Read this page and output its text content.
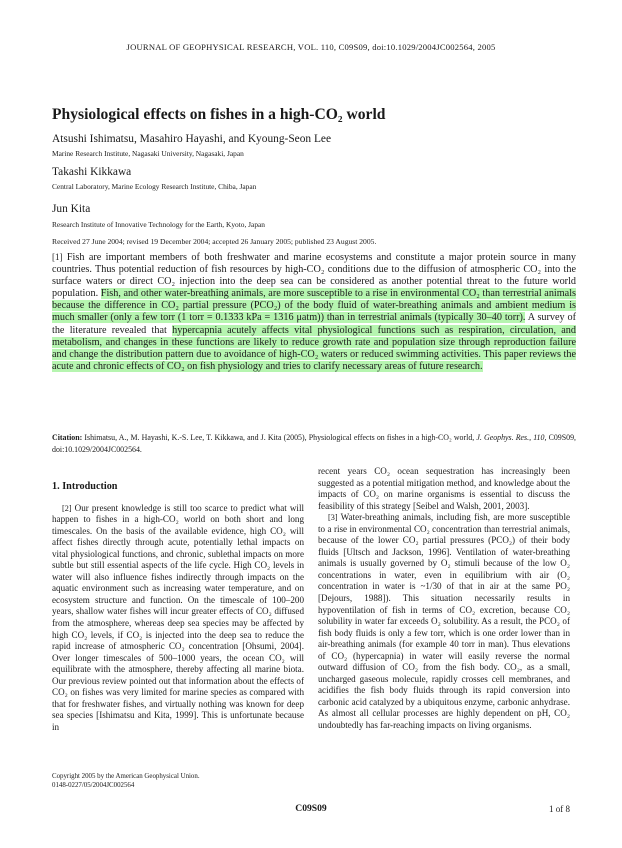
JOURNAL OF GEOPHYSICAL RESEARCH, VOL. 110, C09S09, doi:10.1029/2004JC002564, 2005
Physiological effects on fishes in a high-CO₂ world
Atsushi Ishimatsu, Masahiro Hayashi, and Kyoung-Seon Lee
Marine Research Institute, Nagasaki University, Nagasaki, Japan
Takashi Kikkawa
Central Laboratory, Marine Ecology Research Institute, Chiba, Japan
Jun Kita
Research Institute of Innovative Technology for the Earth, Kyoto, Japan
Received 27 June 2004; revised 19 December 2004; accepted 26 January 2005; published 23 August 2005.

[1] Fish are important members of both freshwater and marine ecosystems and constitute a major protein source in many countries. Thus potential reduction of fish resources by high-CO₂ conditions due to the diffusion of atmospheric CO₂ into the surface waters or direct CO₂ injection into the deep sea can be considered as another potential threat to the future world population. Fish, and other water-breathing animals, are more susceptible to a rise in environmental CO₂ than terrestrial animals because the difference in CO₂ partial pressure (PCO₂) of the body fluid of water-breathing animals and ambient medium is much smaller (only a few torr (1 torr = 0.1333 kPa = 1316 μatm)) than in terrestrial animals (typically 30–40 torr). A survey of the literature revealed that hypercapnia acutely affects vital physiological functions such as respiration, circulation, and metabolism, and changes in these functions are likely to reduce growth rate and population size through reproduction failure and change the distribution pattern due to avoidance of high-CO₂ waters or reduced swimming activities. This paper reviews the acute and chronic effects of CO₂ on fish physiology and tries to clarify necessary areas of future research.

Citation: Ishimatsu, A., M. Hayashi, K.-S. Lee, T. Kikkawa, and J. Kita (2005), Physiological effects on fishes in a high-CO₂ world, J. Geophys. Res., 110, C09S09, doi:10.1029/2004JC002564.

1. Introduction

[2] Our present knowledge is still too scarce to predict what will happen to fishes in a high-CO₂ world on both short and long timescales. On the basis of the available evidence, high CO₂ will affect fishes directly through acute, potentially lethal impacts on vital physiological functions, and chronic, sublethal impacts on more subtle but still essential aspects of the life cycle. High CO₂ levels in water will also influence fishes indirectly through impacts on the aquatic environment such as increasing water temperature, and on ecosystem structure and function. On the timescale of 100–200 years, shallow water fishes will incur greater effects of CO₂ diffused from the atmosphere, whereas deep sea species may be affected by high CO₂ levels, if CO₂ is injected into the deep sea to reduce the rapid increase of atmospheric CO₂ concentration [Ohsumi, 2004]. Over longer timescales of 500–1000 years, the ocean CO₂ will equilibrate with the atmosphere, thereby affecting all marine biota. Our previous review pointed out that information about the effects of CO₂ on fishes was very limited for marine species as compared with that for freshwater fishes, and virtually nothing was known for deep sea species [Ishimatsu and Kita, 1999]. This is unfortunate because in

recent years CO₂ ocean sequestration has increasingly been suggested as a potential mitigation method, and knowledge about the impacts of CO₂ on marine organisms is essential to discuss the feasibility of this strategy [Seibel and Walsh, 2001, 2003].

[3] Water-breathing animals, including fish, are more susceptible to a rise in environmental CO₂ concentration than terrestrial animals, because of the lower CO₂ partial pressures (PCO₂) of their body fluids [Ultsch and Jackson, 1996]. Ventilation of water-breathing animals is usually governed by O₂ stimuli because of the low O₂ concentrations in water, even in equilibrium with air (O₂ concentration in water is ~1/30 of that in air at the same PO₂ [Dejours, 1988]). This situation necessarily results in hypoventilation of fish in terms of CO₂ excretion, because CO₂ solubility in water far exceeds O₂ solubility. As a result, the PCO₂ of fish body fluids is only a few torr, which is one order lower than in air-breathing animals (for example 40 torr in man). Thus elevations of CO₂ (hypercapnia) in water will easily reverse the normal outward diffusion of CO₂ from the fish body. CO₂, as a small, uncharged gaseous molecule, rapidly crosses cell membranes, and acidifies the fish body fluids through its rapid conversion into carbonic acid catalyzed by a ubiquitous enzyme, carbonic anhydrase. As almost all cellular processes are highly dependent on pH, CO₂ undoubtedly has far-reaching impacts on living organisms.

Copyright 2005 by the American Geophysical Union.
0148-0227/05/2004JC002564
C09S09	1 of 8
